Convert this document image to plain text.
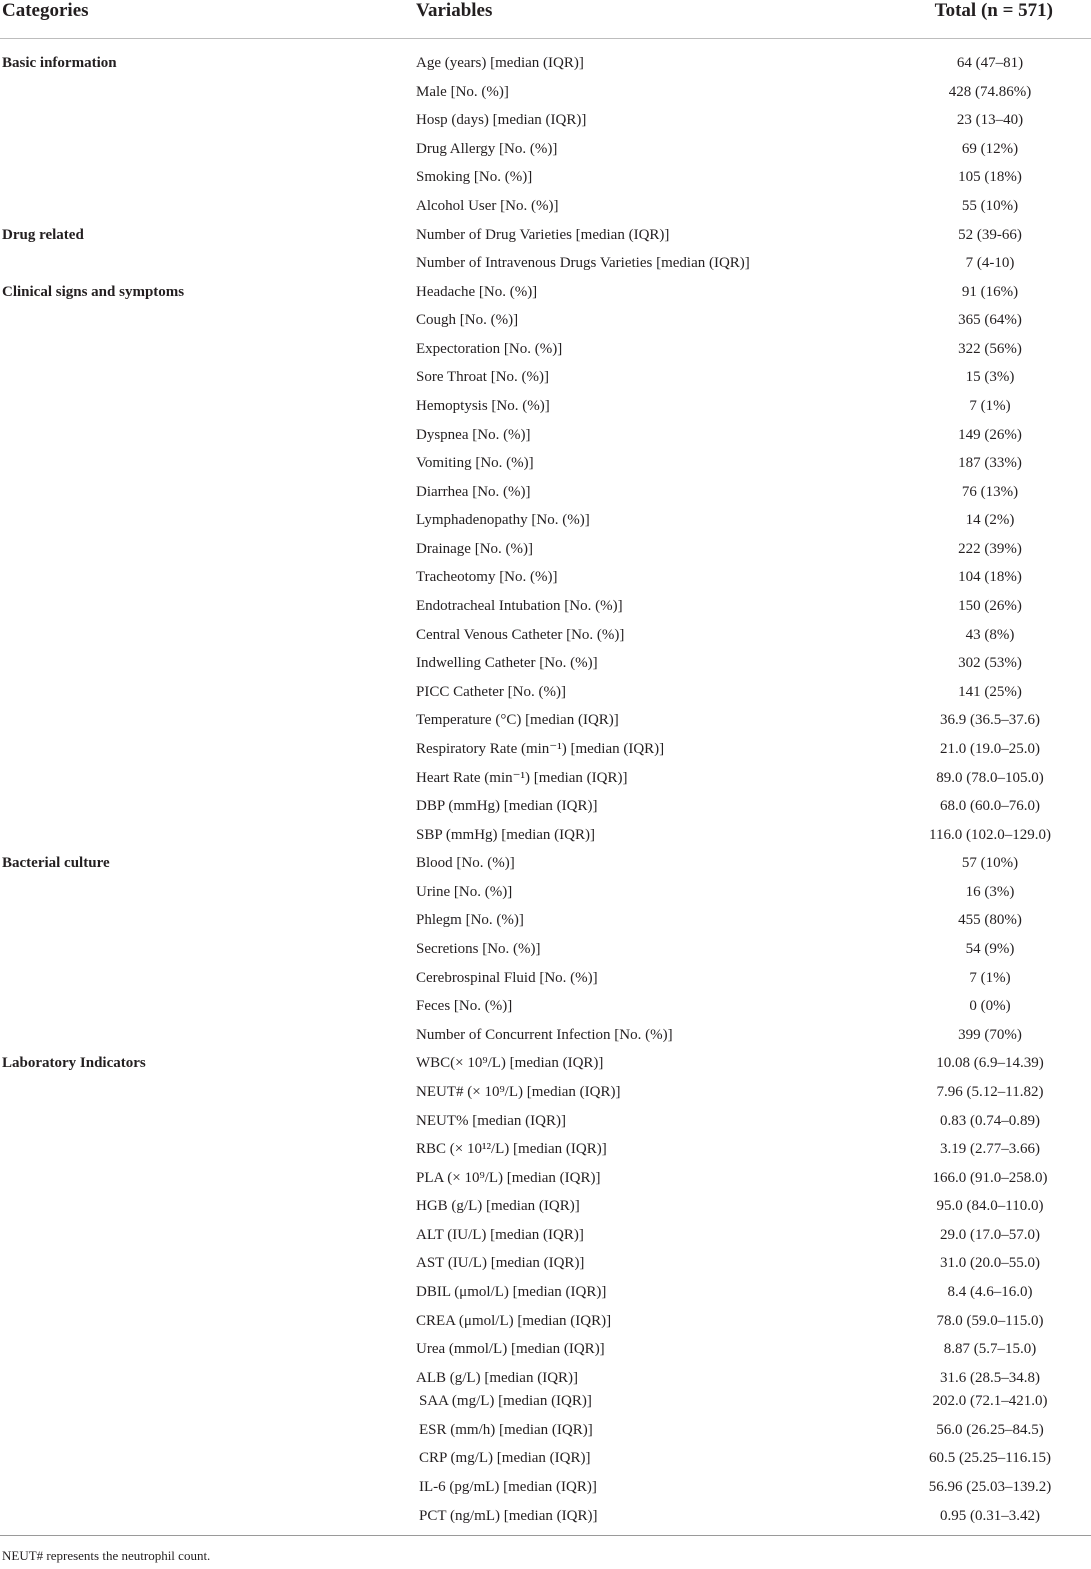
Categories	Variables	Total (n = 571)
Basic information	Age (years) [median (IQR)]	64 (47–81)
Male [No. (%)]	428 (74.86%)
Hosp (days) [median (IQR)]	23 (13–40)
Drug Allergy [No. (%)]	69 (12%)
Smoking [No. (%)]	105 (18%)
Alcohol User [No. (%)]	55 (10%)
Drug related	Number of Drug Varieties [median (IQR)]	52 (39-66)
Number of Intravenous Drugs Varieties [median (IQR)]	7 (4-10)
Clinical signs and symptoms	Headache [No. (%)]	91 (16%)
Cough [No. (%)]	365 (64%)
Expectoration [No. (%)]	322 (56%)
Sore Throat [No. (%)]	15 (3%)
Hemoptysis [No. (%)]	7 (1%)
Dyspnea [No. (%)]	149 (26%)
Vomiting [No. (%)]	187 (33%)
Diarrhea [No. (%)]	76 (13%)
Lymphadenopathy [No. (%)]	14 (2%)
Drainage [No. (%)]	222 (39%)
Tracheotomy [No. (%)]	104 (18%)
Endotracheal Intubation [No. (%)]	150 (26%)
Central Venous Catheter [No. (%)]	43 (8%)
Indwelling Catheter [No. (%)]	302 (53%)
PICC Catheter [No. (%)]	141 (25%)
Temperature (°C) [median (IQR)]	36.9 (36.5–37.6)
Respiratory Rate (min⁻¹) [median (IQR)]	21.0 (19.0–25.0)
Heart Rate (min⁻¹) [median (IQR)]	89.0 (78.0–105.0)
DBP (mmHg) [median (IQR)]	68.0 (60.0–76.0)
SBP (mmHg) [median (IQR)]	116.0 (102.0–129.0)
Bacterial culture	Blood [No. (%)]	57 (10%)
Urine [No. (%)]	16 (3%)
Phlegm [No. (%)]	455 (80%)
Secretions [No. (%)]	54 (9%)
Cerebrospinal Fluid [No. (%)]	7 (1%)
Feces [No. (%)]	0 (0%)
Number of Concurrent Infection [No. (%)]	399 (70%)
Laboratory Indicators	WBC(× 10⁹/L) [median (IQR)]	10.08 (6.9–14.39)
NEUT# (× 10⁹/L) [median (IQR)]	7.96 (5.12–11.82)
NEUT% [median (IQR)]	0.83 (0.74–0.89)
RBC (× 10¹²/L) [median (IQR)]	3.19 (2.77–3.66)
PLA (× 10⁹/L) [median (IQR)]	166.0 (91.0–258.0)
HGB (g/L) [median (IQR)]	95.0 (84.0–110.0)
ALT (IU/L) [median (IQR)]	29.0 (17.0–57.0)
AST (IU/L) [median (IQR)]	31.0 (20.0–55.0)
DBIL (μmol/L) [median (IQR)]	8.4 (4.6–16.0)
CREA (μmol/L) [median (IQR)]	78.0 (59.0–115.0)
Urea (mmol/L) [median (IQR)]	8.87 (5.7–15.0)
ALB (g/L) [median (IQR)]	31.6 (28.5–34.8)
SAA (mg/L) [median (IQR)]	202.0 (72.1–421.0)
ESR (mm/h) [median (IQR)]	56.0 (26.25–84.5)
CRP (mg/L) [median (IQR)]	60.5 (25.25–116.15)
IL-6 (pg/mL) [median (IQR)]	56.96 (25.03–139.2)
PCT (ng/mL) [median (IQR)]	0.95 (0.31–3.42)
NEUT# represents the neutrophil count.
